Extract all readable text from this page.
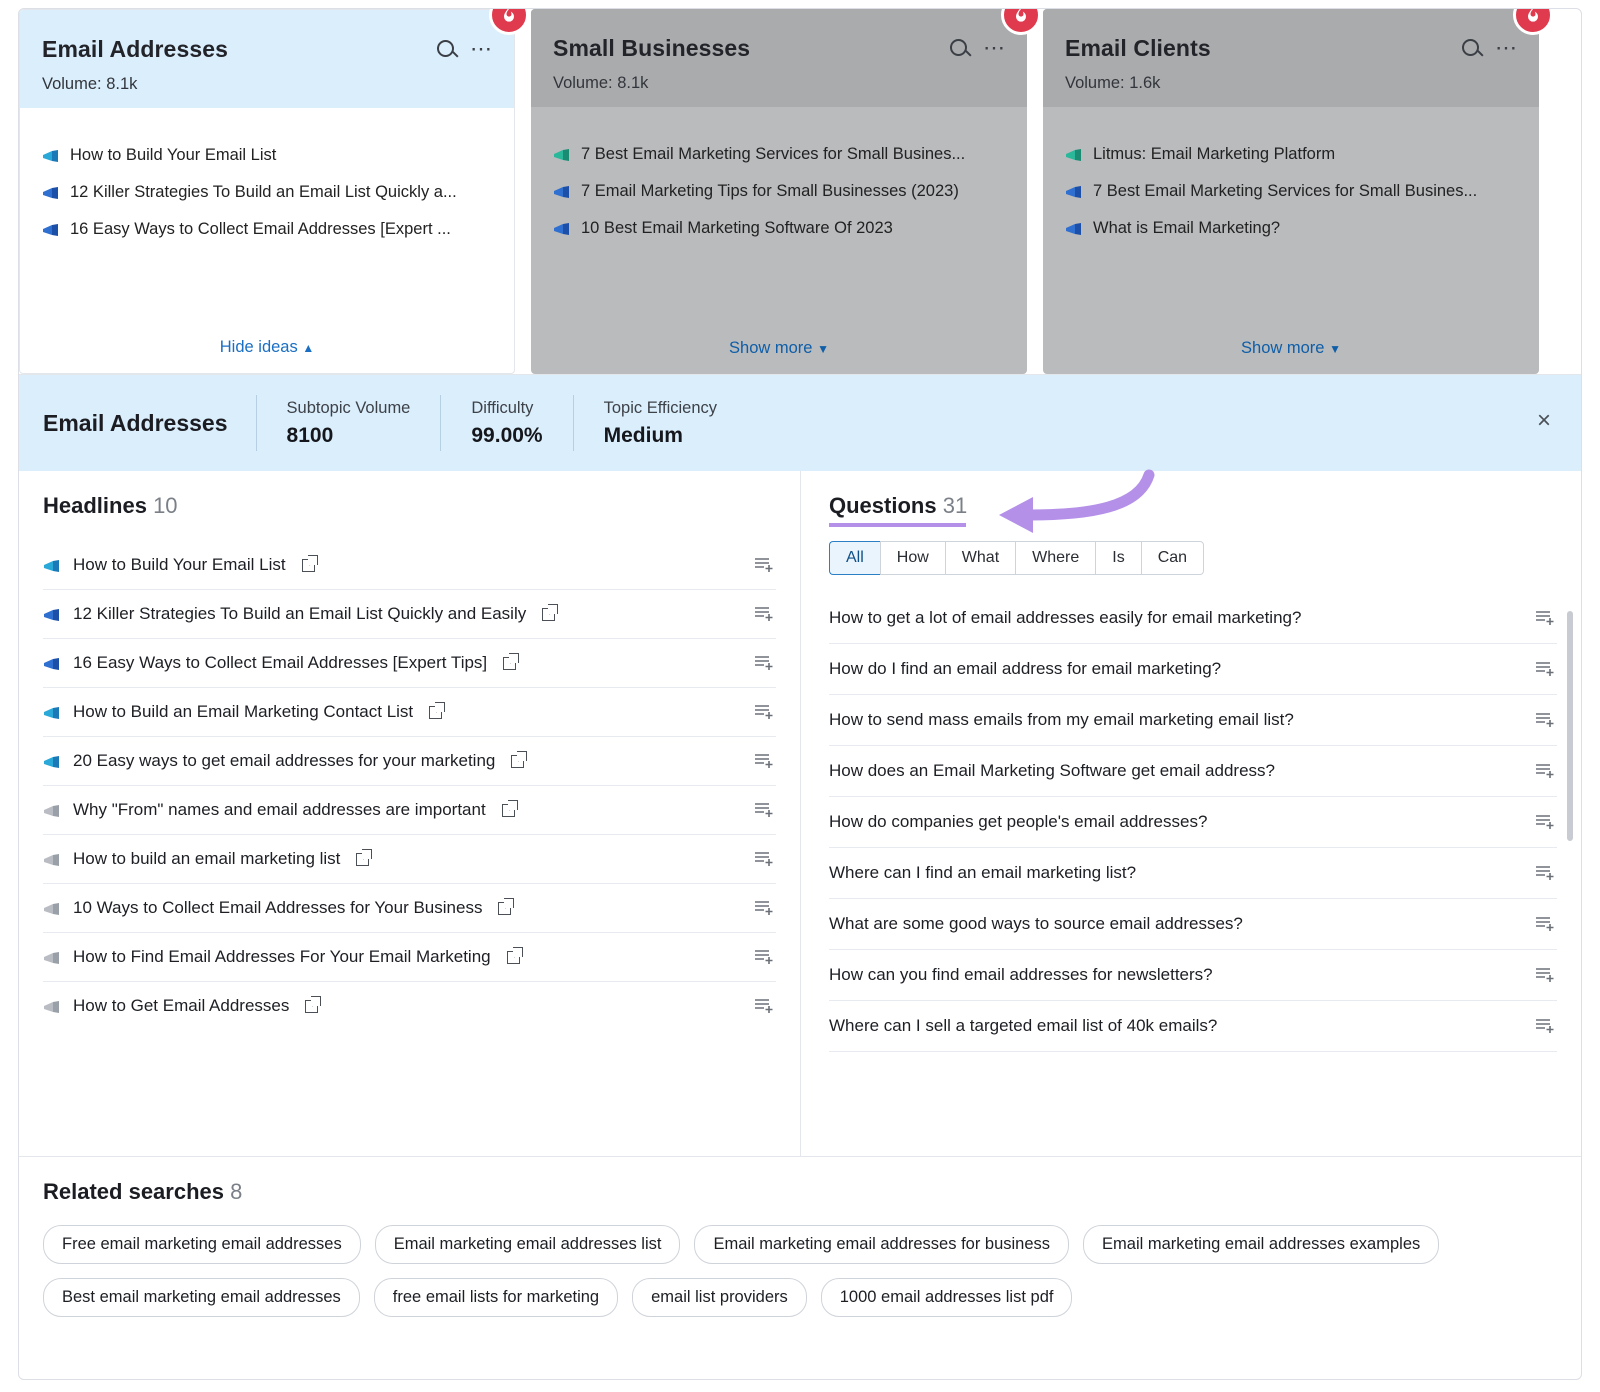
Email Addresses
Volume: 8.1k
⋯
How to Build Your Email List
12 Killer Strategies To Build an Email List Quickly a...
16 Easy Ways to Collect Email Addresses [Expert ...
Hide ideas ▲
Small Businesses
Volume: 8.1k
⋯
7 Best Email Marketing Services for Small Busines...
7 Email Marketing Tips for Small Businesses (2023)
10 Best Email Marketing Software Of 2023
Show more ▼
Email Clients
Volume: 1.6k
⋯
Litmus: Email Marketing Platform
7 Best Email Marketing Services for Small Busines...
What is Email Marketing?
Show more ▼
Email Addresses
Subtopic Volume
8100
Difficulty
99.00%
Topic Efficiency
Medium
×
Headlines 10
How to Build Your Email List
12 Killer Strategies To Build an Email List Quickly and Easily
16 Easy Ways to Collect Email Addresses [Expert Tips]
How to Build an Email Marketing Contact List
20 Easy ways to get email addresses for your marketing
Why "From" names and email addresses are important
How to build an email marketing list
10 Ways to Collect Email Addresses for Your Business
How to Find Email Addresses For Your Email Marketing
How to Get Email Addresses
Questions 31
All	How	What	Where	Is	Can
How to get a lot of email addresses easily for email marketing?
How do I find an email address for email marketing?
How to send mass emails from my email marketing email list?
How does an Email Marketing Software get email address?
How do companies get people's email addresses?
Where can I find an email marketing list?
What are some good ways to source email addresses?
How can you find email addresses for newsletters?
Where can I sell a targeted email list of 40k emails?
Related searches 8
Free email marketing email addresses	Email marketing email addresses list	Email marketing email addresses for business	Email marketing email addresses examples
Best email marketing email addresses	free email lists for marketing	email list providers	1000 email addresses list pdf
